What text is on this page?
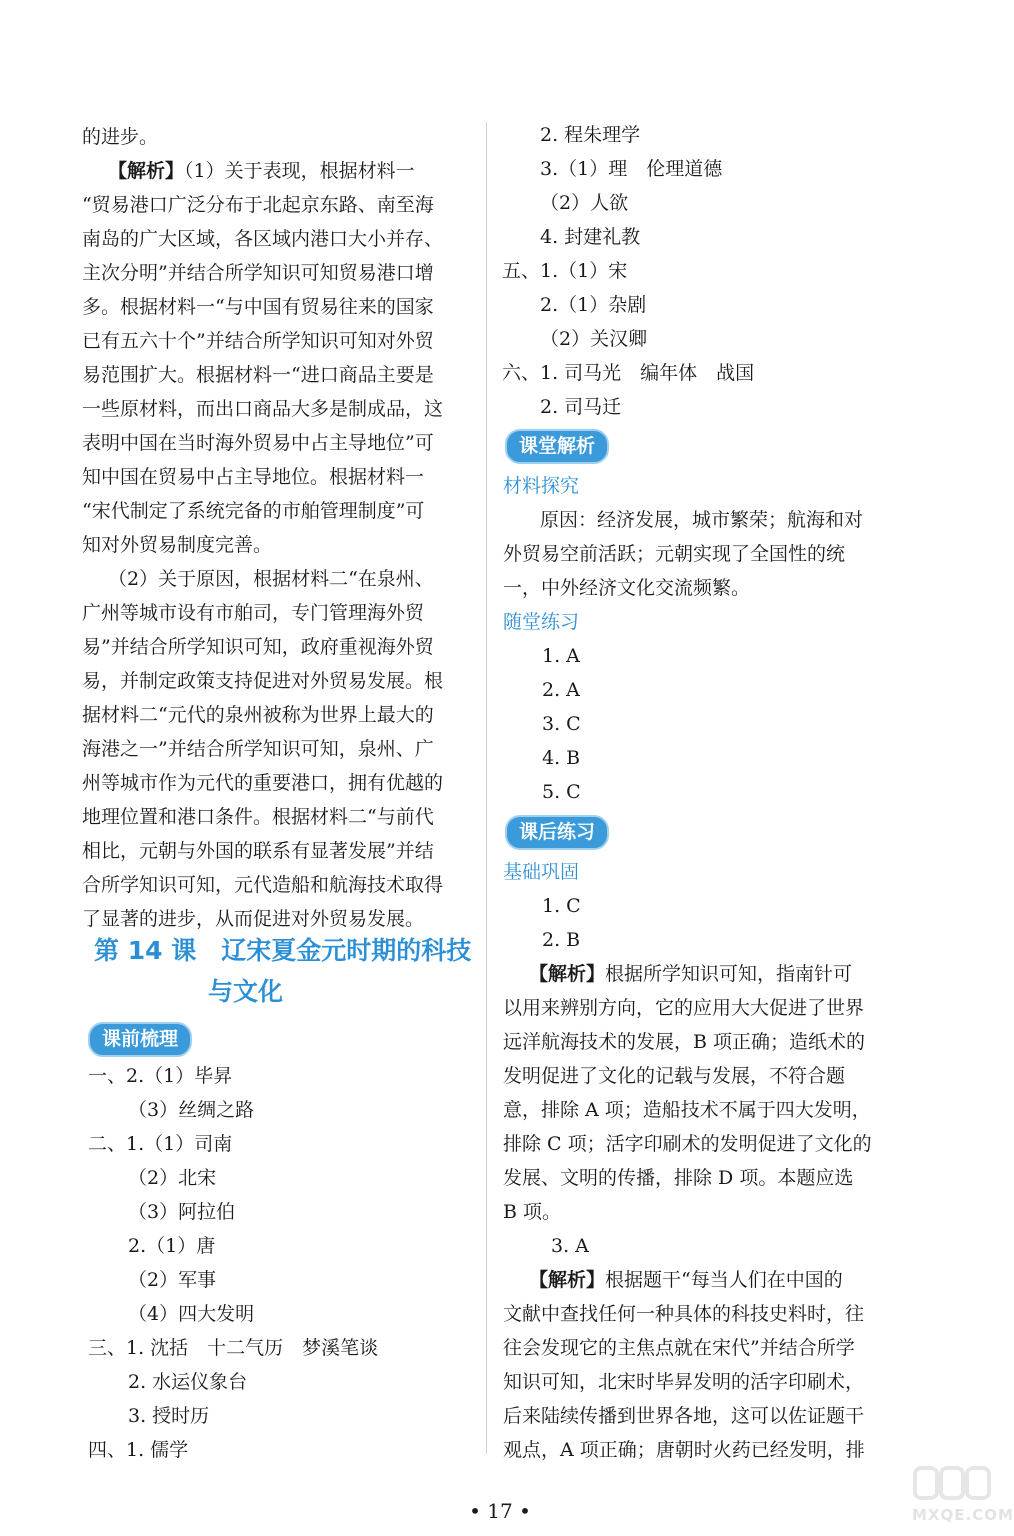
的进步。
【解析】（1）关于表现，根据材料一
“贸易港口广泛分布于北起京东路、南至海
南岛的广大区域，各区域内港口大小并存、
主次分明”并结合所学知识可知贸易港口增
多。根据材料一“与中国有贸易往来的国家
已有五六十个”并结合所学知识可知对外贸
易范围扩大。根据材料一“进口商品主要是
一些原材料，而出口商品大多是制成品，这
表明中国在当时海外贸易中占主导地位”可
知中国在贸易中占主导地位。根据材料一
“宋代制定了系统完备的市舶管理制度”可
知对外贸易制度完善。
（2）关于原因，根据材料二“在泉州、
广州等城市设有市舶司，专门管理海外贸
易”并结合所学知识可知，政府重视海外贸
易，并制定政策支持促进对外贸易发展。根
据材料二“元代的泉州被称为世界上最大的
海港之一”并结合所学知识可知，泉州、广
州等城市作为元代的重要港口，拥有优越的
地理位置和港口条件。根据材料二“与前代
相比，元朝与外国的联系有显著发展”并结
合所学知识可知，元代造船和航海技术取得
了显著的进步，从而促进对外贸易发展。
第 14 课　辽宋夏金元时期的科技
与文化
课前梳理
一、2.（1）毕昇
（3）丝绸之路
二、1.（1）司南
（2）北宋
（3）阿拉伯
2.（1）唐
（2）军事
（4）四大发明
三、1. 沈括　十二气历　梦溪笔谈
2. 水运仪象台
3. 授时历
四、1. 儒学
2. 程朱理学
3.（1）理　伦理道德
（2）人欲
4. 封建礼教
五、1.（1）宋
2.（1）杂剧
（2）关汉卿
六、1. 司马光　编年体　战国
2. 司马迁
课堂解析
材料探究
原因：经济发展，城市繁荣；航海和对
外贸易空前活跃；元朝实现了全国性的统
一，中外经济文化交流频繁。
随堂练习
1. A
2. A
3. C
4. B
5. C
课后练习
基础巩固
1. C
2. B
【解析】根据所学知识可知，指南针可
以用来辨别方向，它的应用大大促进了世界
远洋航海技术的发展，B 项正确；造纸术的
发明促进了文化的记载与发展，不符合题
意，排除 A 项；造船技术不属于四大发明，
排除 C 项；活字印刷术的发明促进了文化的
发展、文明的传播，排除 D 项。本题应选
B 项。
3. A
【解析】根据题干“每当人们在中国的
文献中查找任何一种具体的科技史料时，往
往会发现它的主焦点就在宋代”并结合所学
知识可知，北宋时毕昇发明的活字印刷术，
后来陆续传播到世界各地，这可以佐证题干
观点，A 项正确；唐朝时火药已经发明，排
• 17 •	MXQE.COM
